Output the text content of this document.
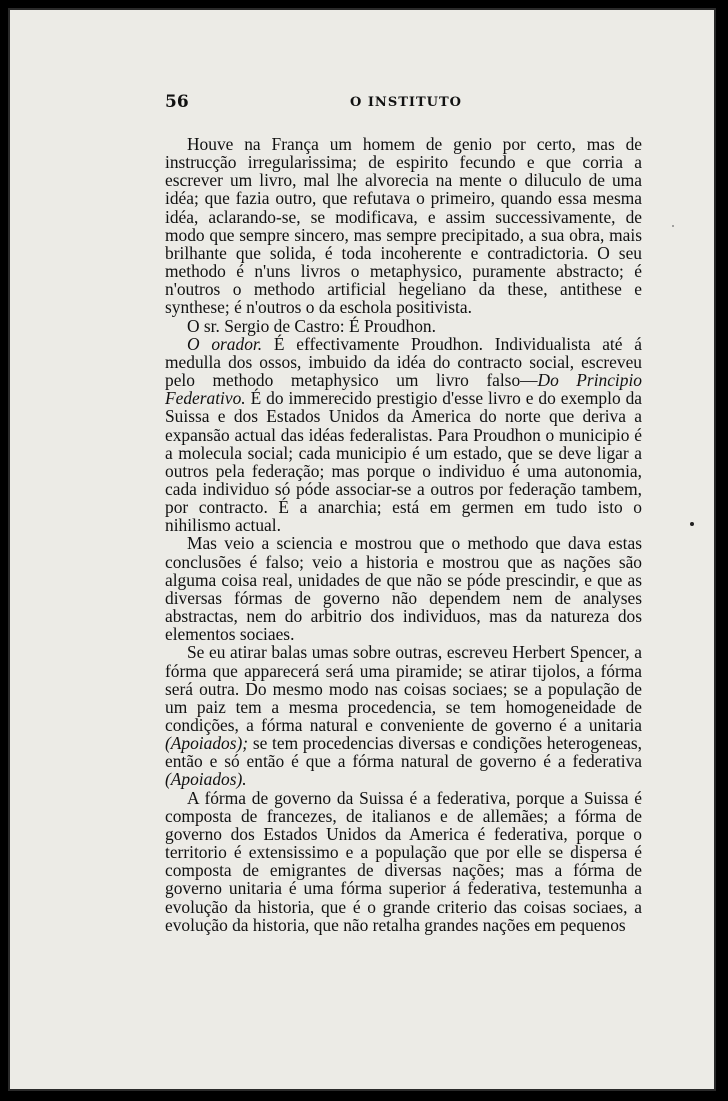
56	O INSTITUTO

Houve na França um homem de genio por certo, mas de instrucção irregularissima; de espirito fecundo e que corria a escrever um livro, mal lhe alvorecia na mente o diluculo de uma idéa; que fazia outro, que refutava o primeiro, quando essa mesma idéa, aclarando-se, se modificava, e assim successivamente, de modo que sempre sincero, mas sempre precipitado, a sua obra, mais brilhante que solida, é toda incoherente e contradictoria. O seu methodo é n'uns livros o metaphysico, puramente abstracto; é n'outros o methodo artificial hegeliano da these, antithese e synthese; é n'outros o da eschola positivista.

O sr. Sergio de Castro: É Proudhon.

O orador. É effectivamente Proudhon. Individualista até á medulla dos ossos, imbuido da idéa do contracto social, escreveu pelo methodo metaphysico um livro falso—Do Principio Federativo. É do immerecido prestigio d'esse livro e do exemplo da Suissa e dos Estados Unidos da America do norte que deriva a expansão actual das idéas federalistas. Para Proudhon o municipio é a molecula social; cada municipio é um estado, que se deve ligar a outros pela federação; mas porque o individuo é uma autonomia, cada individuo só póde associar-se a outros por federação tambem, por contracto. É a anarchia; está em germen em tudo isto o nihilismo actual.

Mas veio a sciencia e mostrou que o methodo que dava estas conclusões é falso; veio a historia e mostrou que as nações são alguma coisa real, unidades de que não se póde prescindir, e que as diversas fórmas de governo não dependem nem de analyses abstractas, nem do arbitrio dos individuos, mas da natureza dos elementos sociaes.

Se eu atirar balas umas sobre outras, escreveu Herbert Spencer, a fórma que apparecerá será uma piramide; se atirar tijolos, a fórma será outra. Do mesmo modo nas coisas sociaes; se a população de um paiz tem a mesma procedencia, se tem homogeneidade de condições, a fórma natural e conveniente de governo é a unitaria (Apoiados); se tem procedencias diversas e condições heterogeneas, então e só então é que a fórma natural de governo é a federativa (Apoiados).

A fórma de governo da Suissa é a federativa, porque a Suissa é composta de francezes, de italianos e de allemães; a fórma de governo dos Estados Unidos da America é federativa, porque o territorio é extensissimo e a população que por elle se dispersa é composta de emigrantes de diversas nações; mas a fórma de governo unitaria é uma fórma superior á federativa, testemunha a evolução da historia, que é o grande criterio das coisas sociaes, a evolução da historia, que não retalha grandes nações em pequenos
